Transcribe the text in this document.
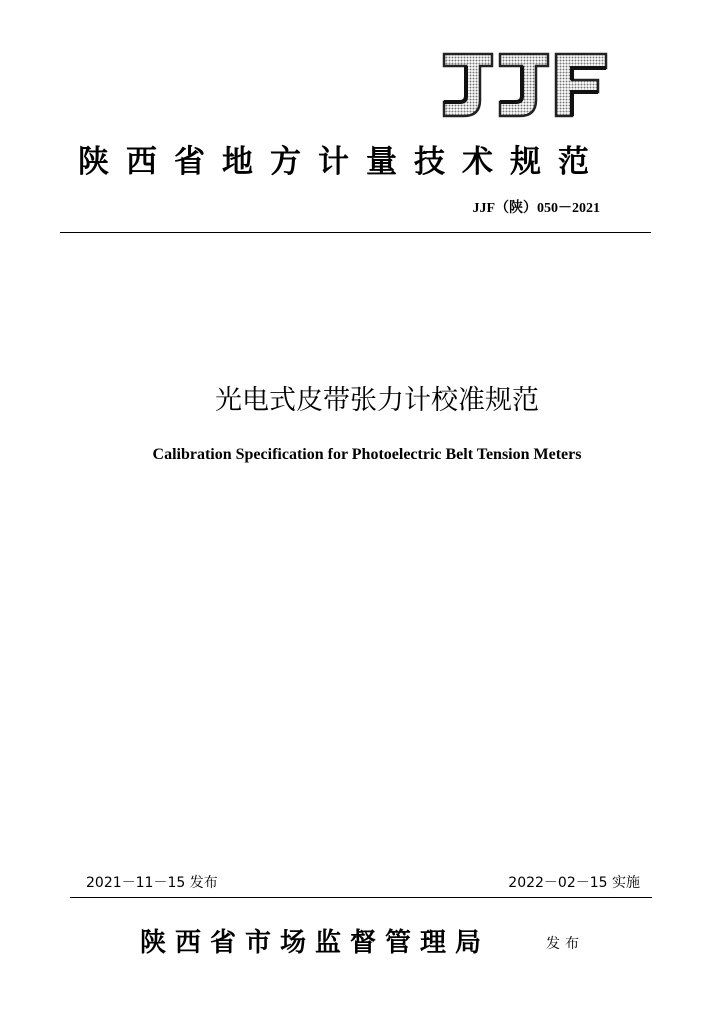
陕西省地方计量技术规范
JJF（陕）050－2021
光电式皮带张力计校准规范
Calibration Specification for Photoelectric Belt Tension Meters
2021－11－15 发布	2022－02－15 实施
陕西省市场监督管理局	发布
